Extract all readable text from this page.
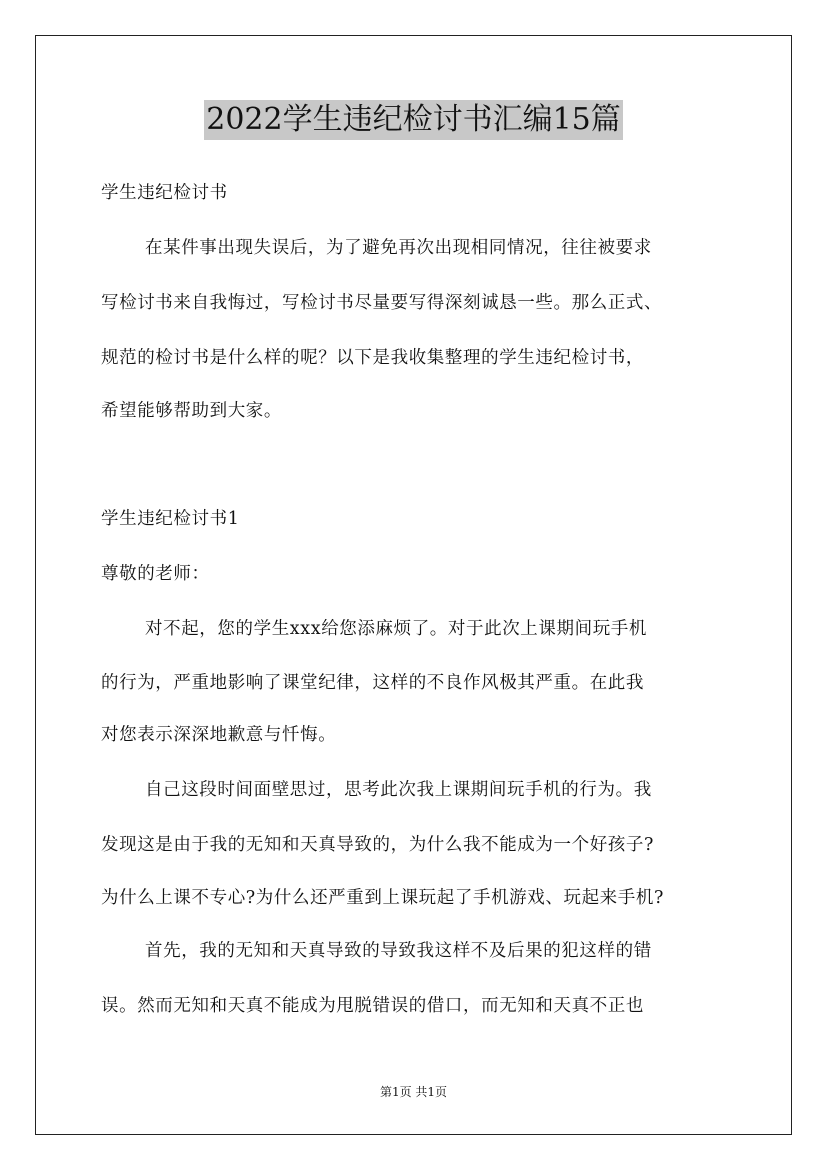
2022学生违纪检讨书汇编15篇
学生违纪检讨书
在某件事出现失误后，为了避免再次出现相同情况，往往被要求
写检讨书来自我悔过，写检讨书尽量要写得深刻诚恳一些。那么正式、
规范的检讨书是什么样的呢？以下是我收集整理的学生违纪检讨书，
希望能够帮助到大家。
学生违纪检讨书1
尊敬的老师：
对不起，您的学生xxx给您添麻烦了。对于此次上课期间玩手机
的行为，严重地影响了课堂纪律，这样的不良作风极其严重。在此我
对您表示深深地歉意与忏悔。
自己这段时间面壁思过，思考此次我上课期间玩手机的行为。我
发现这是由于我的无知和天真导致的，为什么我不能成为一个好孩子?
为什么上课不专心?为什么还严重到上课玩起了手机游戏、玩起来手机?
首先，我的无知和天真导致的导致我这样不及后果的犯这样的错
误。然而无知和天真不能成为甩脱错误的借口，而无知和天真不正也
第1页 共1页
